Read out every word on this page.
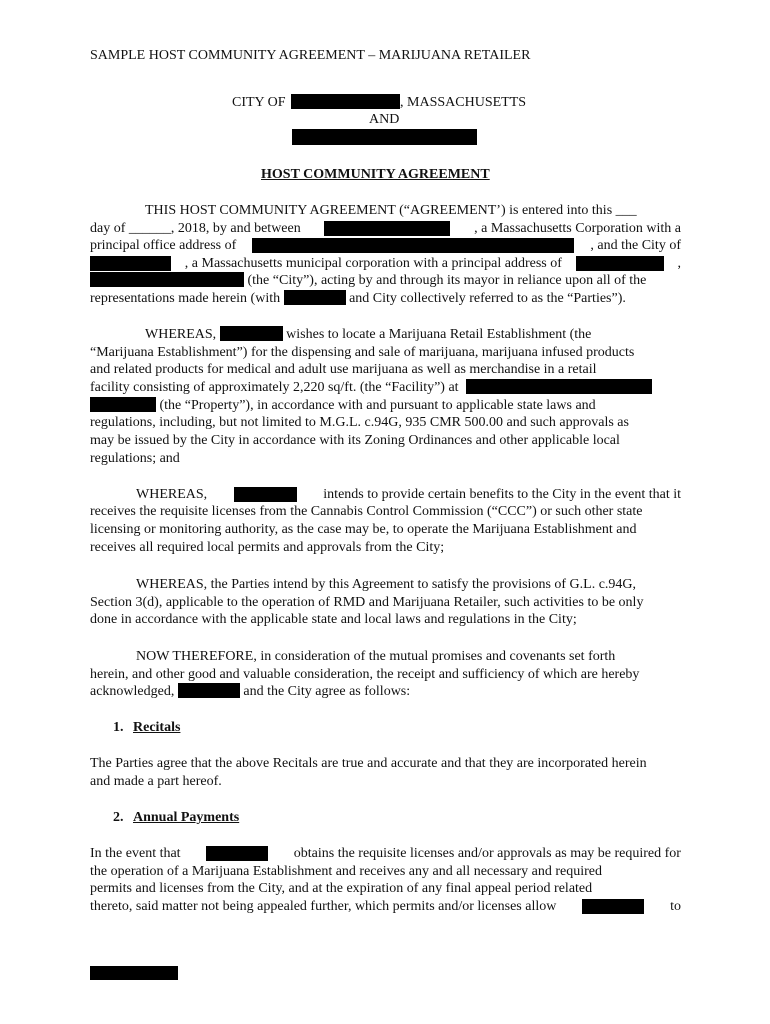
SAMPLE HOST COMMUNITY AGREEMENT – MARIJUANA RETAILER
CITY OF	, MASSACHUSETTS
AND
HOST COMMUNITY AGREEMENT
THIS HOST COMMUNITY AGREEMENT (“AGREEMENT’) is entered into this ___
day of ______, 2018, by and between	, a Massachusetts Corporation with a
principal office address of	, and the City of
, a Massachusetts municipal corporation with a principal address of	,
(the “City”), acting by and through its mayor in reliance upon all of the
representations made herein (with	and City collectively referred to as the “Parties”).
WHEREAS,	wishes to locate a Marijuana Retail Establishment (the
“Marijuana Establishment”) for the dispensing and sale of marijuana, marijuana infused products
and related products for medical and adult use marijuana as well as merchandise in a retail
facility consisting of approximately 2,220 sq/ft. (the “Facility”) at
(the “Property”), in accordance with and pursuant to applicable state laws and
regulations, including, but not limited to M.G.L. c.94G, 935 CMR 500.00 and such approvals as
may be issued by the City in accordance with its Zoning Ordinances and other applicable local
regulations; and
WHEREAS,	intends to provide certain benefits to the City in the event that it
receives the requisite licenses from the Cannabis Control Commission (“CCC”) or such other state
licensing or monitoring authority, as the case may be, to operate the Marijuana Establishment and
receives all required local permits and approvals from the City;
WHEREAS, the Parties intend by this Agreement to satisfy the provisions of G.L. c.94G,
Section 3(d), applicable to the operation of RMD and Marijuana Retailer, such activities to be only
done in accordance with the applicable state and local laws and regulations in the City;
NOW THEREFORE, in consideration of the mutual promises and covenants set forth
herein, and other good and valuable consideration, the receipt and sufficiency of which are hereby
acknowledged,	and the City agree as follows:
1. Recitals
The Parties agree that the above Recitals are true and accurate and that they are incorporated herein
and made a part hereof.
2. Annual Payments
In the event that	obtains the requisite licenses and/or approvals as may be required for
the operation of a Marijuana Establishment and receives any and all necessary and required
permits and licenses from the City, and at the expiration of any final appeal period related
thereto, said matter not being appealed further, which permits and/or licenses allow	to
